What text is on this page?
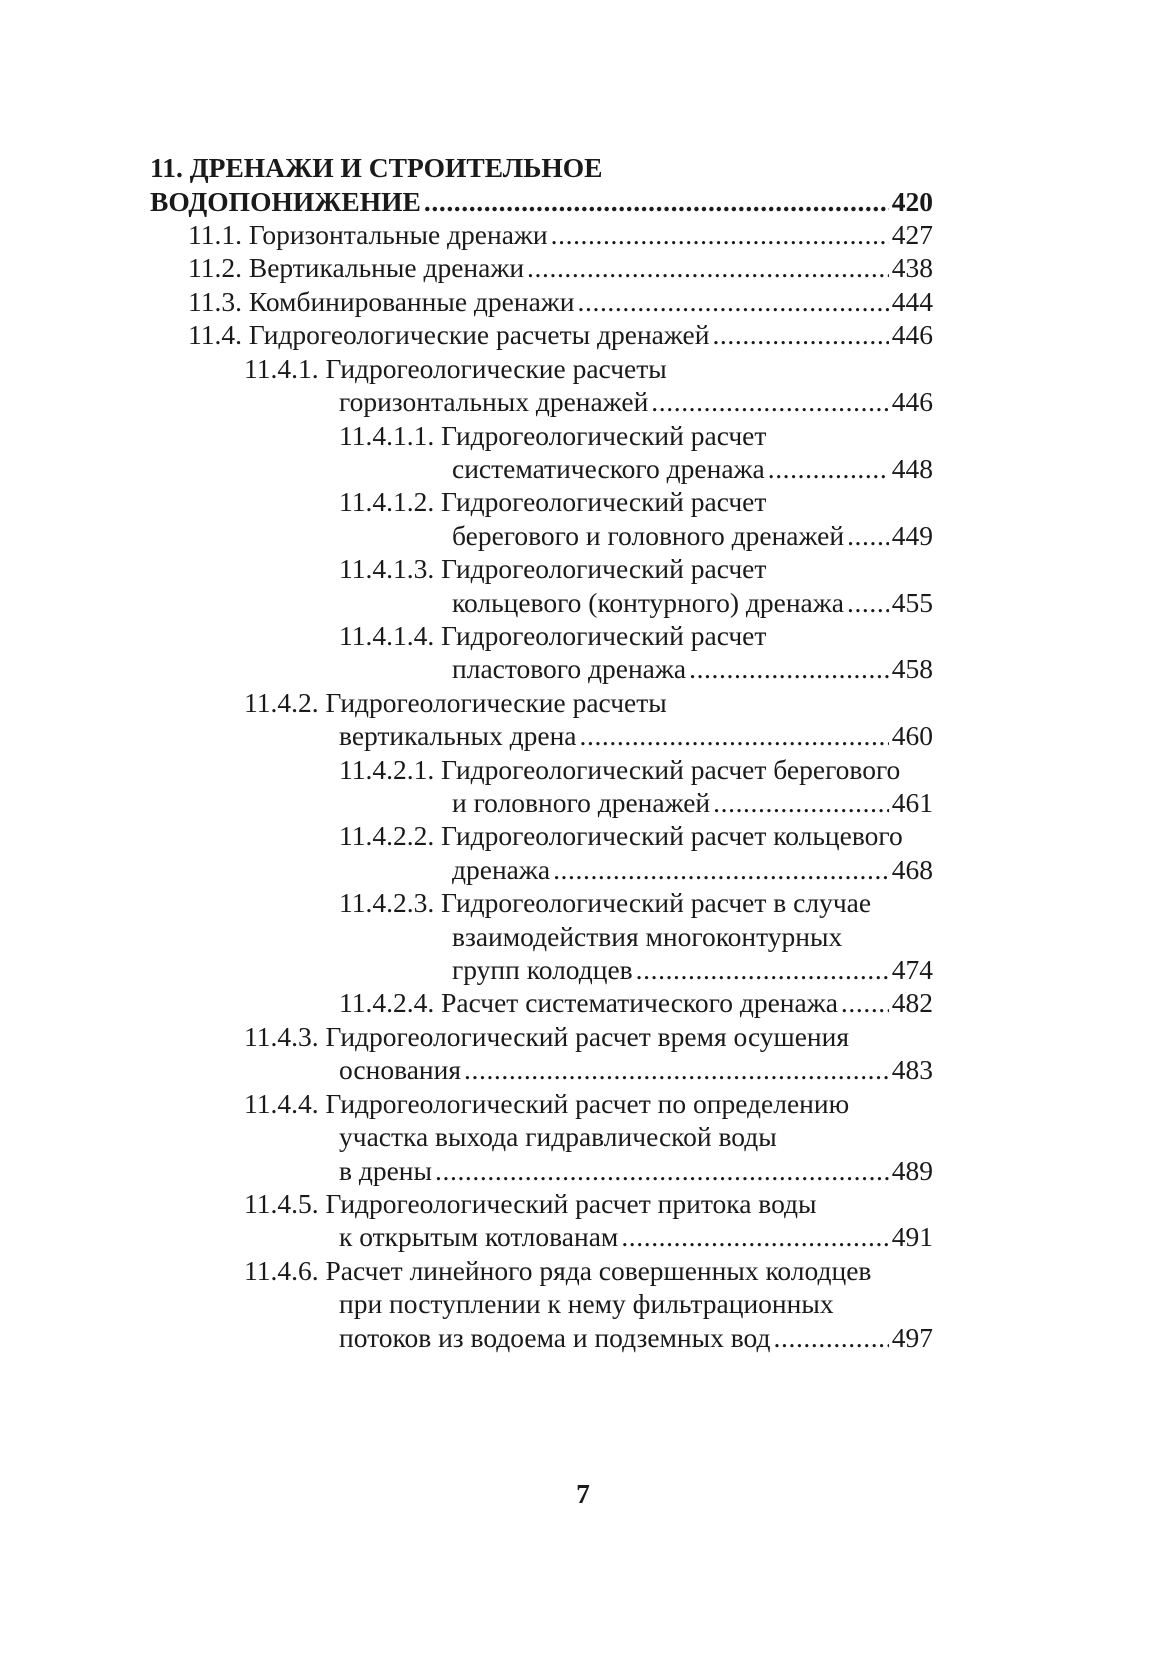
11. ДРЕНАЖИ И СТРОИТЕЛЬНОЕ
ВОДОПОНИЖЕНИЕ .....	420
11.1. Горизонтальные дренажи .....	427
11.2. Вертикальные дренажи .....	438
11.3. Комбинированные дренажи .....	444
11.4. Гидрогеологические расчеты дренажей .....	446
11.4.1. Гидрогеологические расчеты
горизонтальных дренажей .....	446
11.4.1.1. Гидрогеологический расчет
систематического дренажа .....	448
11.4.1.2. Гидрогеологический расчет
берегового и головного дренажей ..... 449
11.4.1.3. Гидрогеологический расчет
кольцевого (контурного) дренажа ..... 455
11.4.1.4. Гидрогеологический расчет
пластового дренажа .....	458
11.4.2. Гидрогеологические расчеты
вертикальных дрена .....	460
11.4.2.1. Гидрогеологический расчет берегового
и головного дренажей .....	461
11.4.2.2. Гидрогеологический расчет кольцевого
дренажа .....	468
11.4.2.3. Гидрогеологический расчет в случае
взаимодействия многоконтурных
групп колодцев .....	474
11.4.2.4. Расчет систематического дренажа ..... 482
11.4.3. Гидрогеологический расчет время осушения
основания .....	483
11.4.4. Гидрогеологический расчет по определению
участка выхода гидравлической воды
в дрены .....	489
11.4.5. Гидрогеологический расчет притока воды
к открытым котлованам .....	491
11.4.6. Расчет линейного ряда совершенных колодцев
при поступлении к нему фильтрационных
потоков из водоема и подземных вод .....	497
7
